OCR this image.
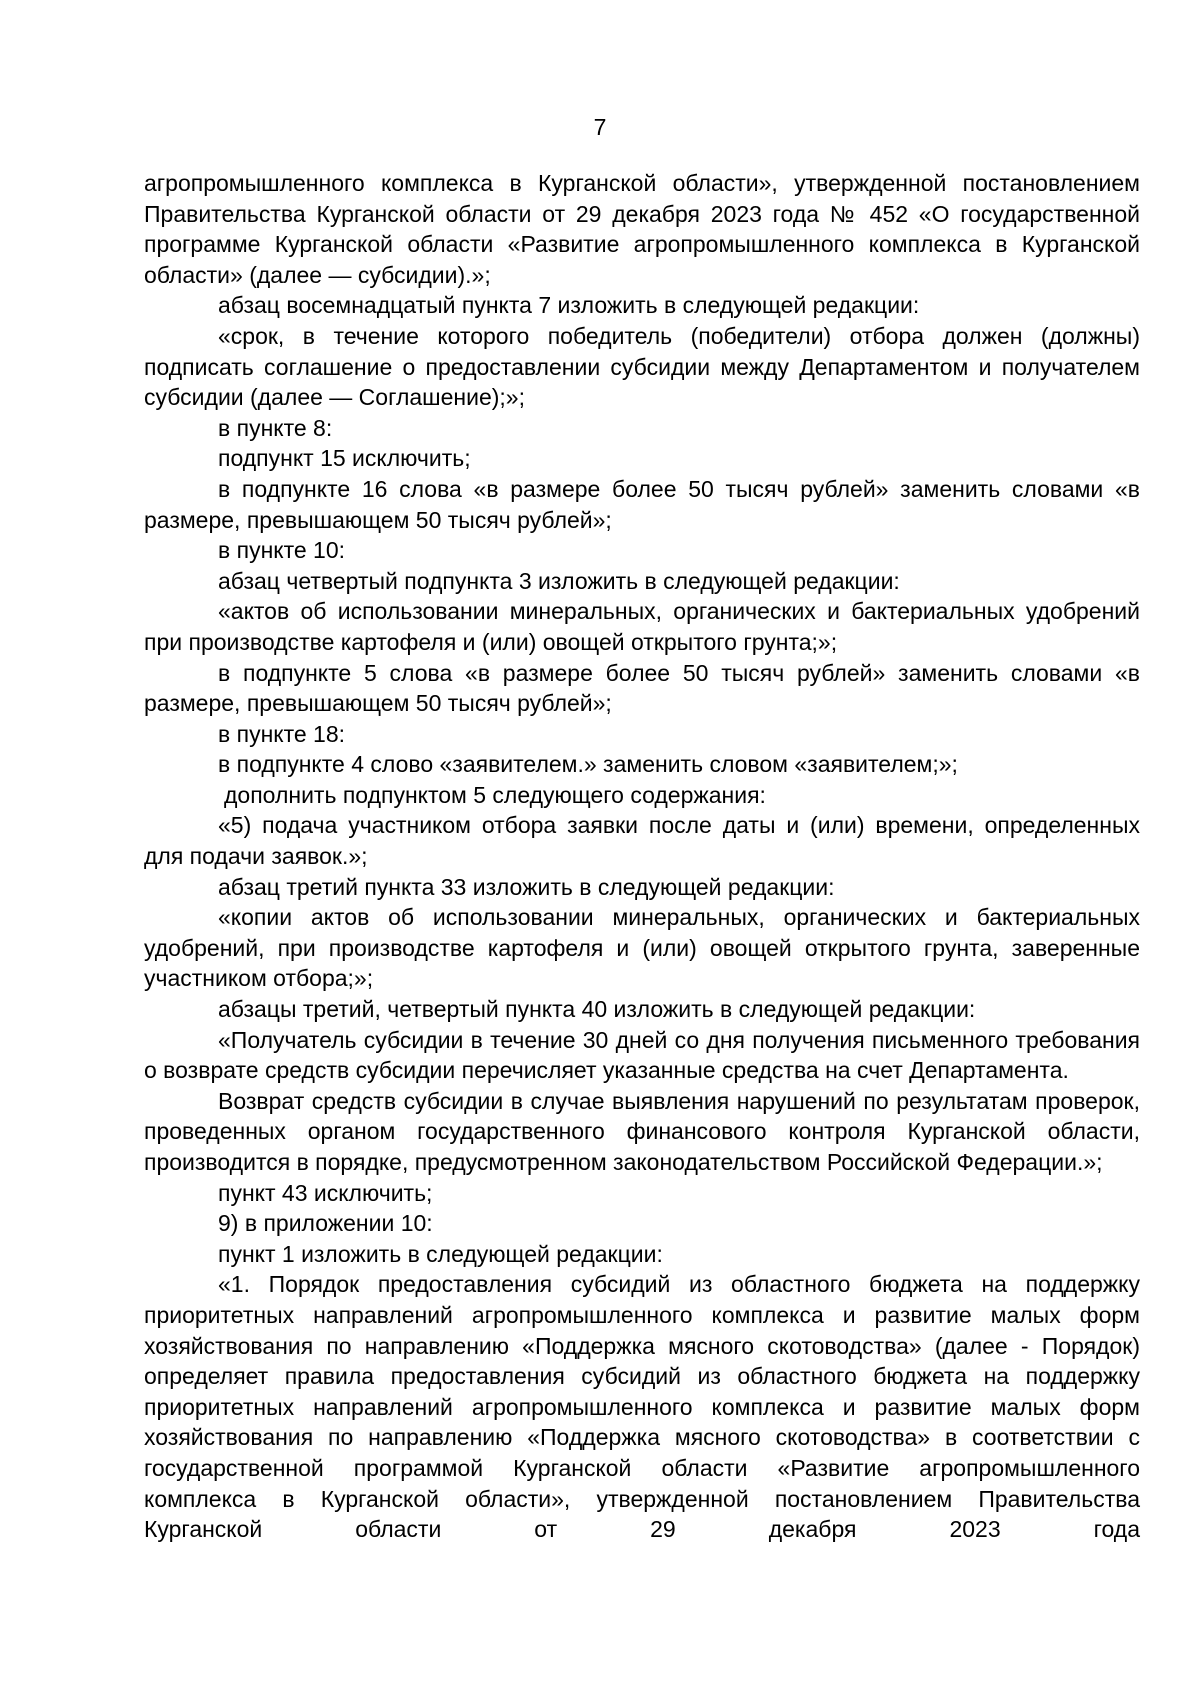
7

агропромышленного комплекса в Курганской области», утвержденной постановлением Правительства Курганской области от 29 декабря 2023 года № 452 «О государственной программе Курганской области «Развитие агропромышленного комплекса в Курганской области» (далее — субсидии).»;

абзац восемнадцатый пункта 7 изложить в следующей редакции:

«срок, в течение которого победитель (победители) отбора должен (должны) подписать соглашение о предоставлении субсидии между Департаментом и получателем субсидии (далее — Соглашение);»;

в пункте 8:

подпункт 15 исключить;

в подпункте 16 слова «в размере более 50 тысяч рублей» заменить словами «в размере, превышающем 50 тысяч рублей»;

в пункте 10:

абзац четвертый подпункта 3 изложить в следующей редакции:

«актов об использовании минеральных, органических и бактериальных удобрений при производстве картофеля и (или) овощей открытого грунта;»;

в подпункте 5 слова «в размере более 50 тысяч рублей» заменить словами «в размере, превышающем 50 тысяч рублей»;

в пункте 18:

в подпункте 4 слово «заявителем.» заменить словом «заявителем;»;

дополнить подпунктом 5 следующего содержания:

«5) подача участником отбора заявки после даты и (или) времени, определенных для подачи заявок.»;

абзац третий пункта 33 изложить в следующей редакции:

«копии актов об использовании минеральных, органических и бактериальных удобрений, при производстве картофеля и (или) овощей открытого грунта, заверенные участником отбора;»;

абзацы третий, четвертый пункта 40 изложить в следующей редакции:

«Получатель субсидии в течение 30 дней со дня получения письменного требования о возврате средств субсидии перечисляет указанные средства на счет Департамента.

Возврат средств субсидии в случае выявления нарушений по результатам проверок, проведенных органом государственного финансового контроля Курганской области, производится в порядке, предусмотренном законодательством Российской Федерации.»;

пункт 43 исключить;

9) в приложении 10:

пункт 1 изложить в следующей редакции:

«1. Порядок предоставления субсидий из областного бюджета на поддержку приоритетных направлений агропромышленного комплекса и развитие малых форм хозяйствования по направлению «Поддержка мясного скотоводства» (далее - Порядок) определяет правила предоставления субсидий из областного бюджета на поддержку приоритетных направлений агропромышленного комплекса и развитие малых форм хозяйствования по направлению «Поддержка мясного скотоводства» в соответствии с государственной программой Курганской области «Развитие агропромышленного комплекса в Курганской области», утвержденной постановлением Правительства Курганской области от 29 декабря 2023 года
